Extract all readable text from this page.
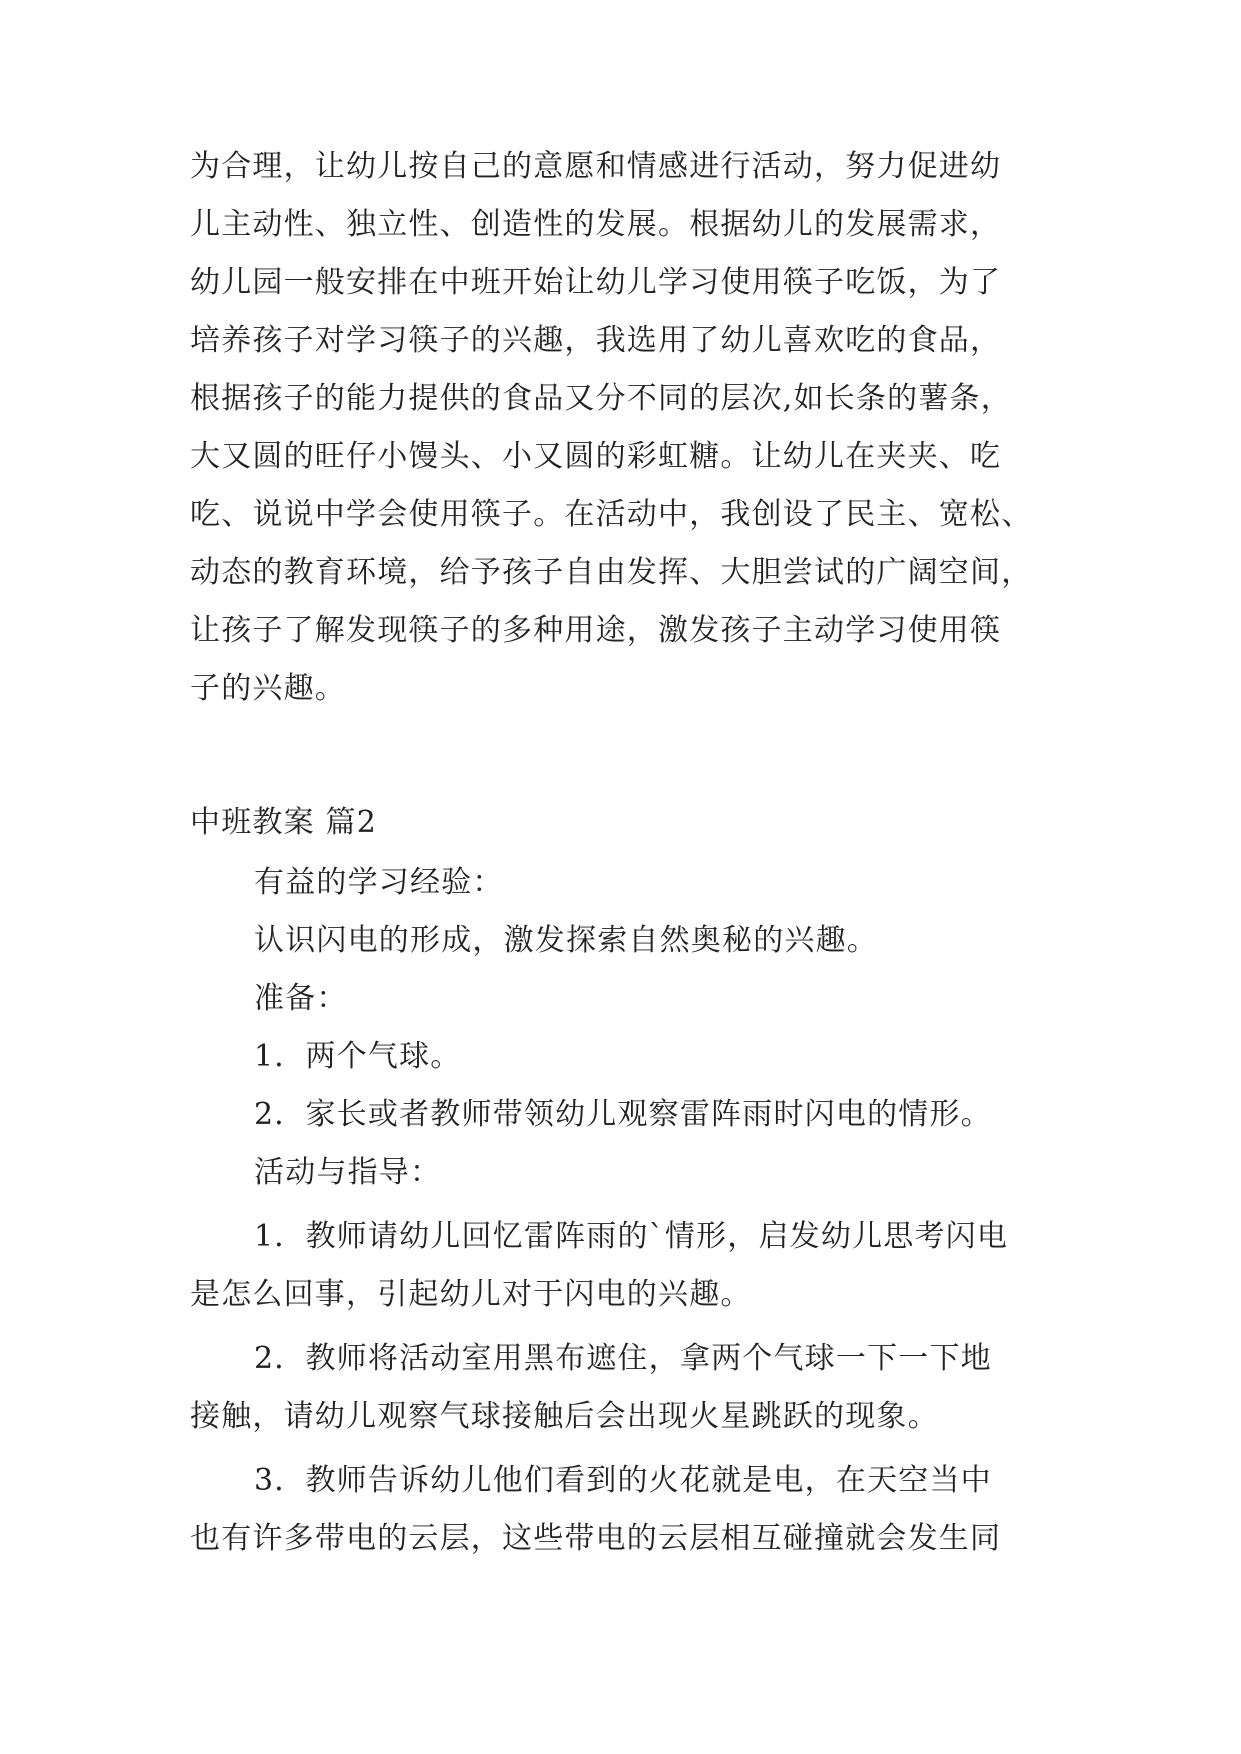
为合理，让幼儿按自己的意愿和情感进行活动，努力促进幼

儿主动性、独立性、创造性的发展。根据幼儿的发展需求，

幼儿园一般安排在中班开始让幼儿学习使用筷子吃饭，为了

培养孩子对学习筷子的兴趣，我选用了幼儿喜欢吃的食品，

根据孩子的能力提供的食品又分不同的层次,如长条的薯条，

大又圆的旺仔小馒头、小又圆的彩虹糖。让幼儿在夹夹、吃

吃、说说中学会使用筷子。在活动中，我创设了民主、宽松、

动态的教育环境，给予孩子自由发挥、大胆尝试的广阔空间，

让孩子了解发现筷子的多种用途，激发孩子主动学习使用筷

子的兴趣。

中班教案 篇2

有益的学习经验：

认识闪电的形成，激发探索自然奥秘的兴趣。

准备：

1．两个气球。

2．家长或者教师带领幼儿观察雷阵雨时闪电的情形。

活动与指导：

1．教师请幼儿回忆雷阵雨的`情形，启发幼儿思考闪电

是怎么回事，引起幼儿对于闪电的兴趣。

2．教师将活动室用黑布遮住，拿两个气球一下一下地

接触，请幼儿观察气球接触后会出现火星跳跃的现象。

3．教师告诉幼儿他们看到的火花就是电，在天空当中

也有许多带电的云层，这些带电的云层相互碰撞就会发生同
